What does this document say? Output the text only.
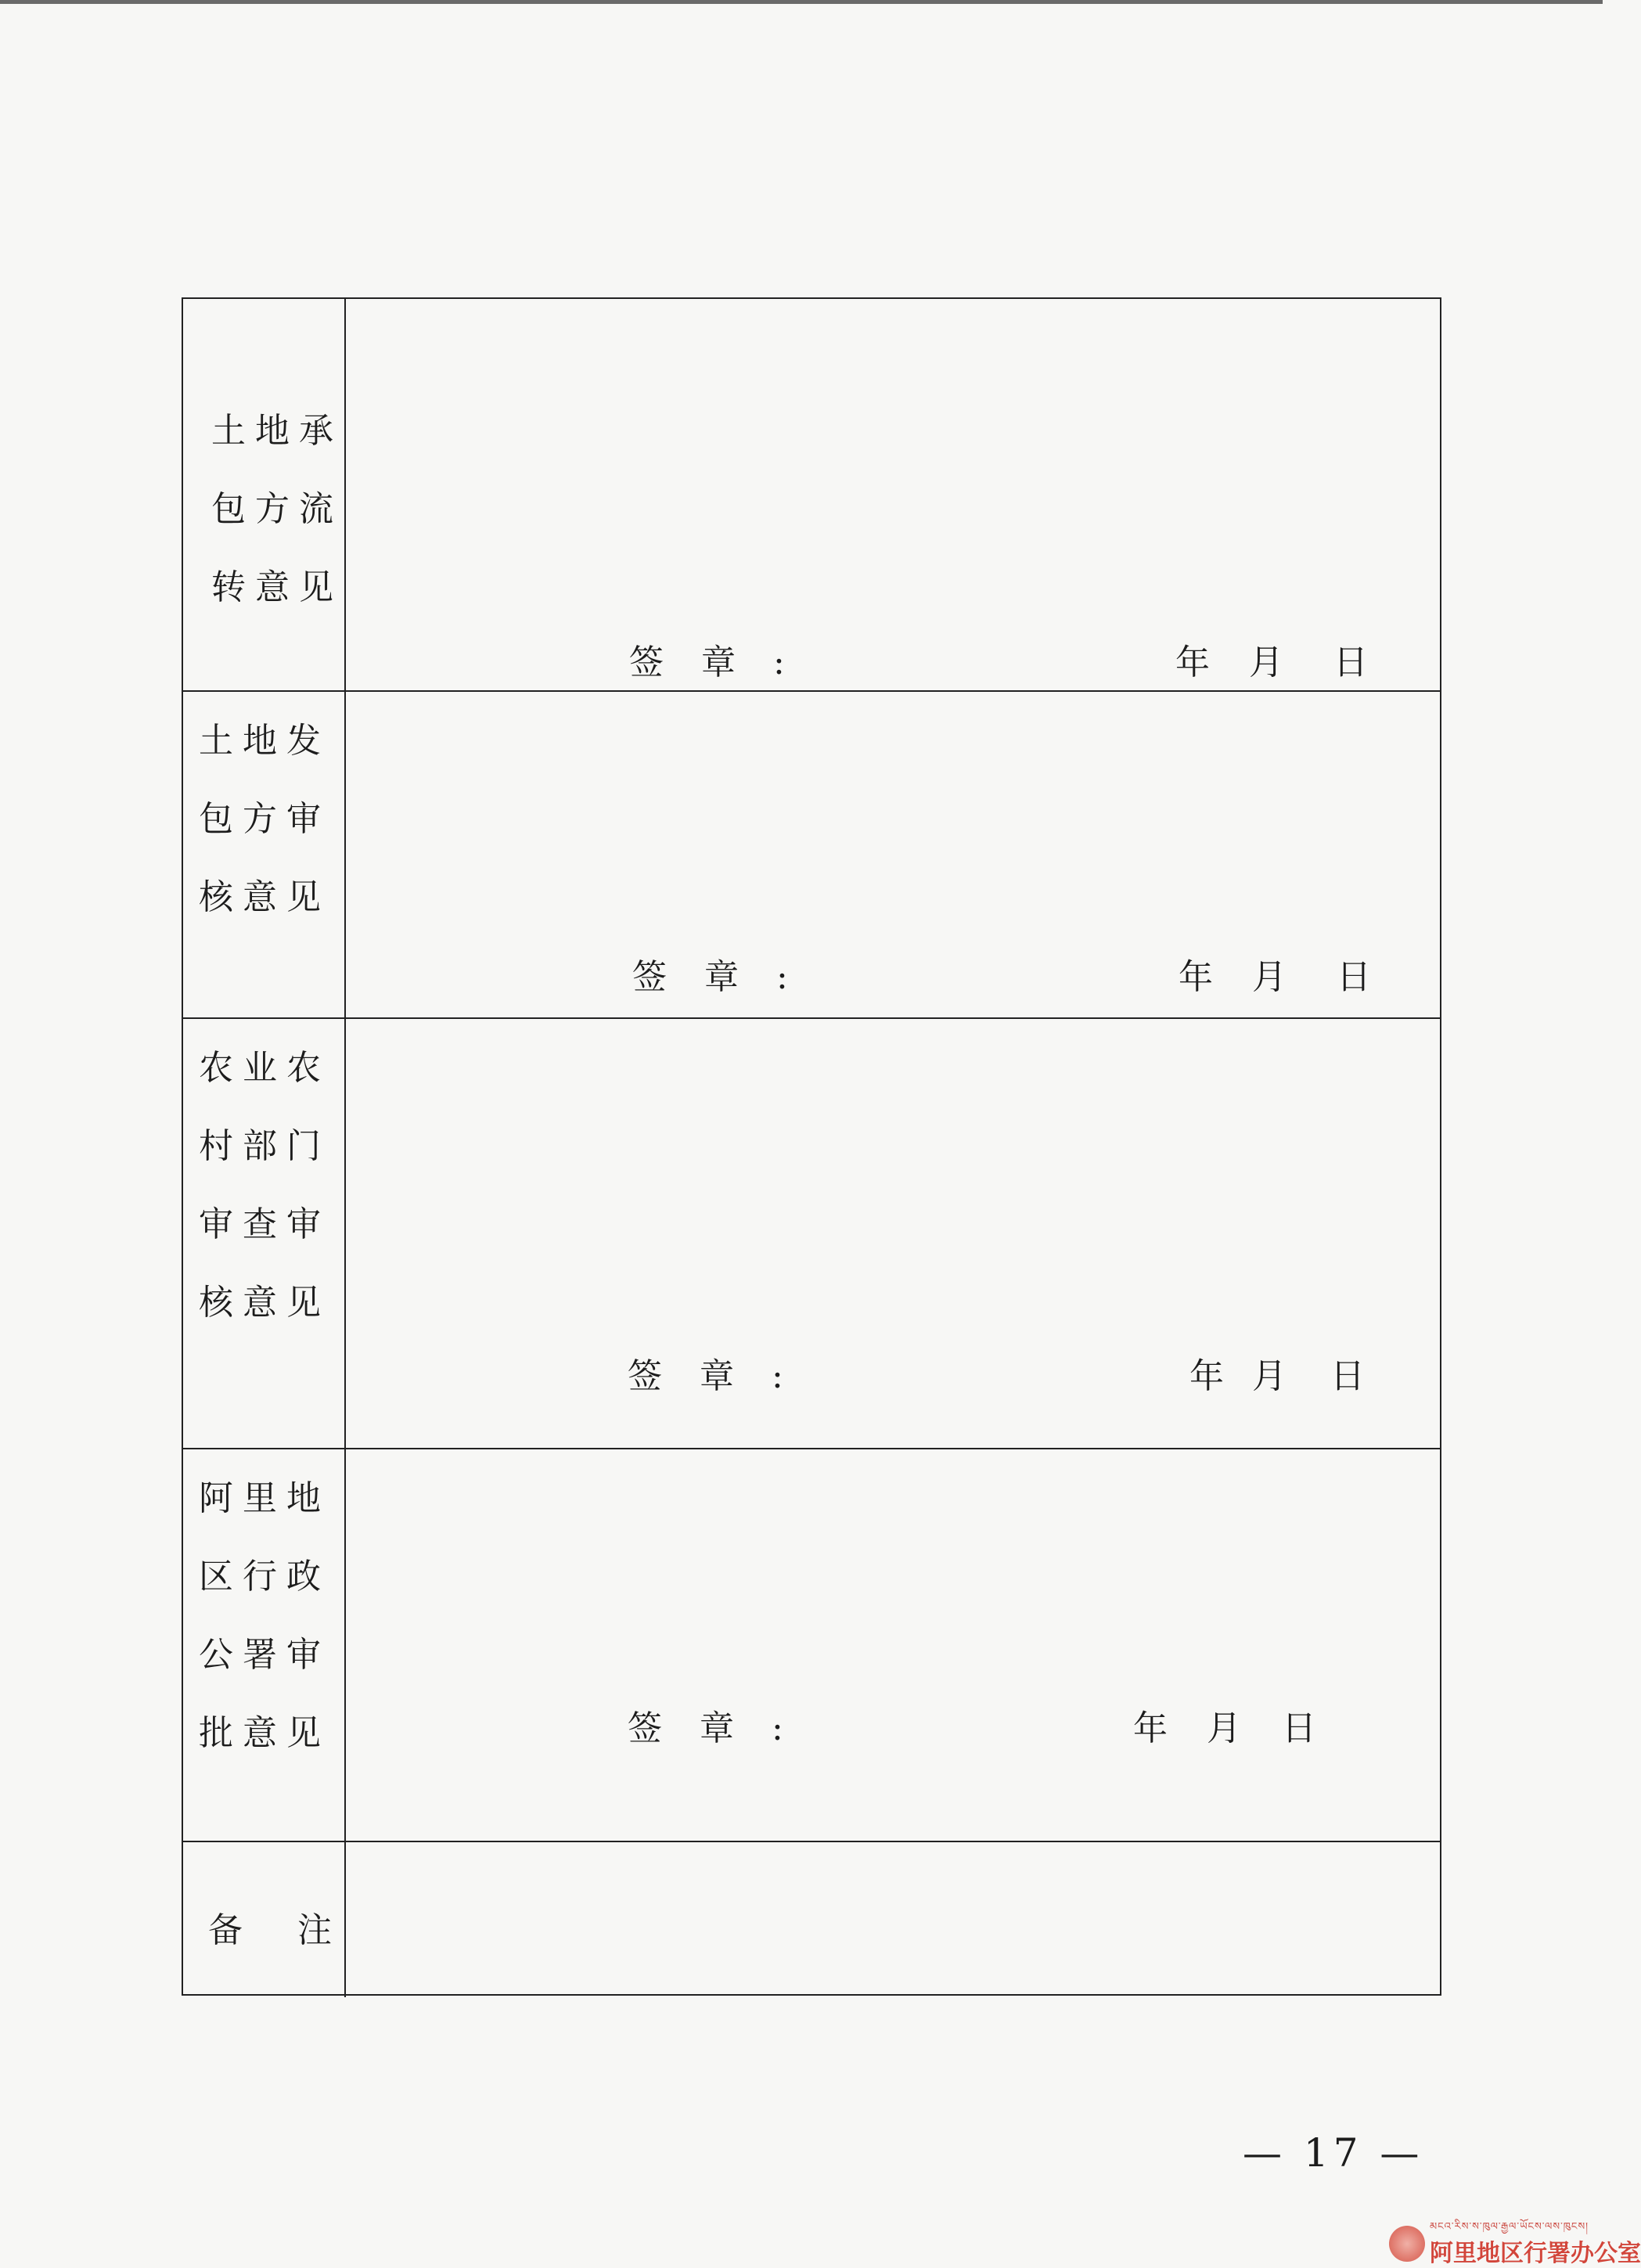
土地承
包方流
转意见
签章:	年 月 日
土地发
包方审
核意见
签章:	年 月 日
农业农
村部门
审查审
核意见
签章:	年 月 日
阿里地
区行政
公署审
批意见	签章:	年 月 日
备 注
— 17 —
མངའ་རིས་ས་ཁུལ་རྒྱལ་ཡོངས་ལས་ཁུངས།
阿里地区行署办公室
